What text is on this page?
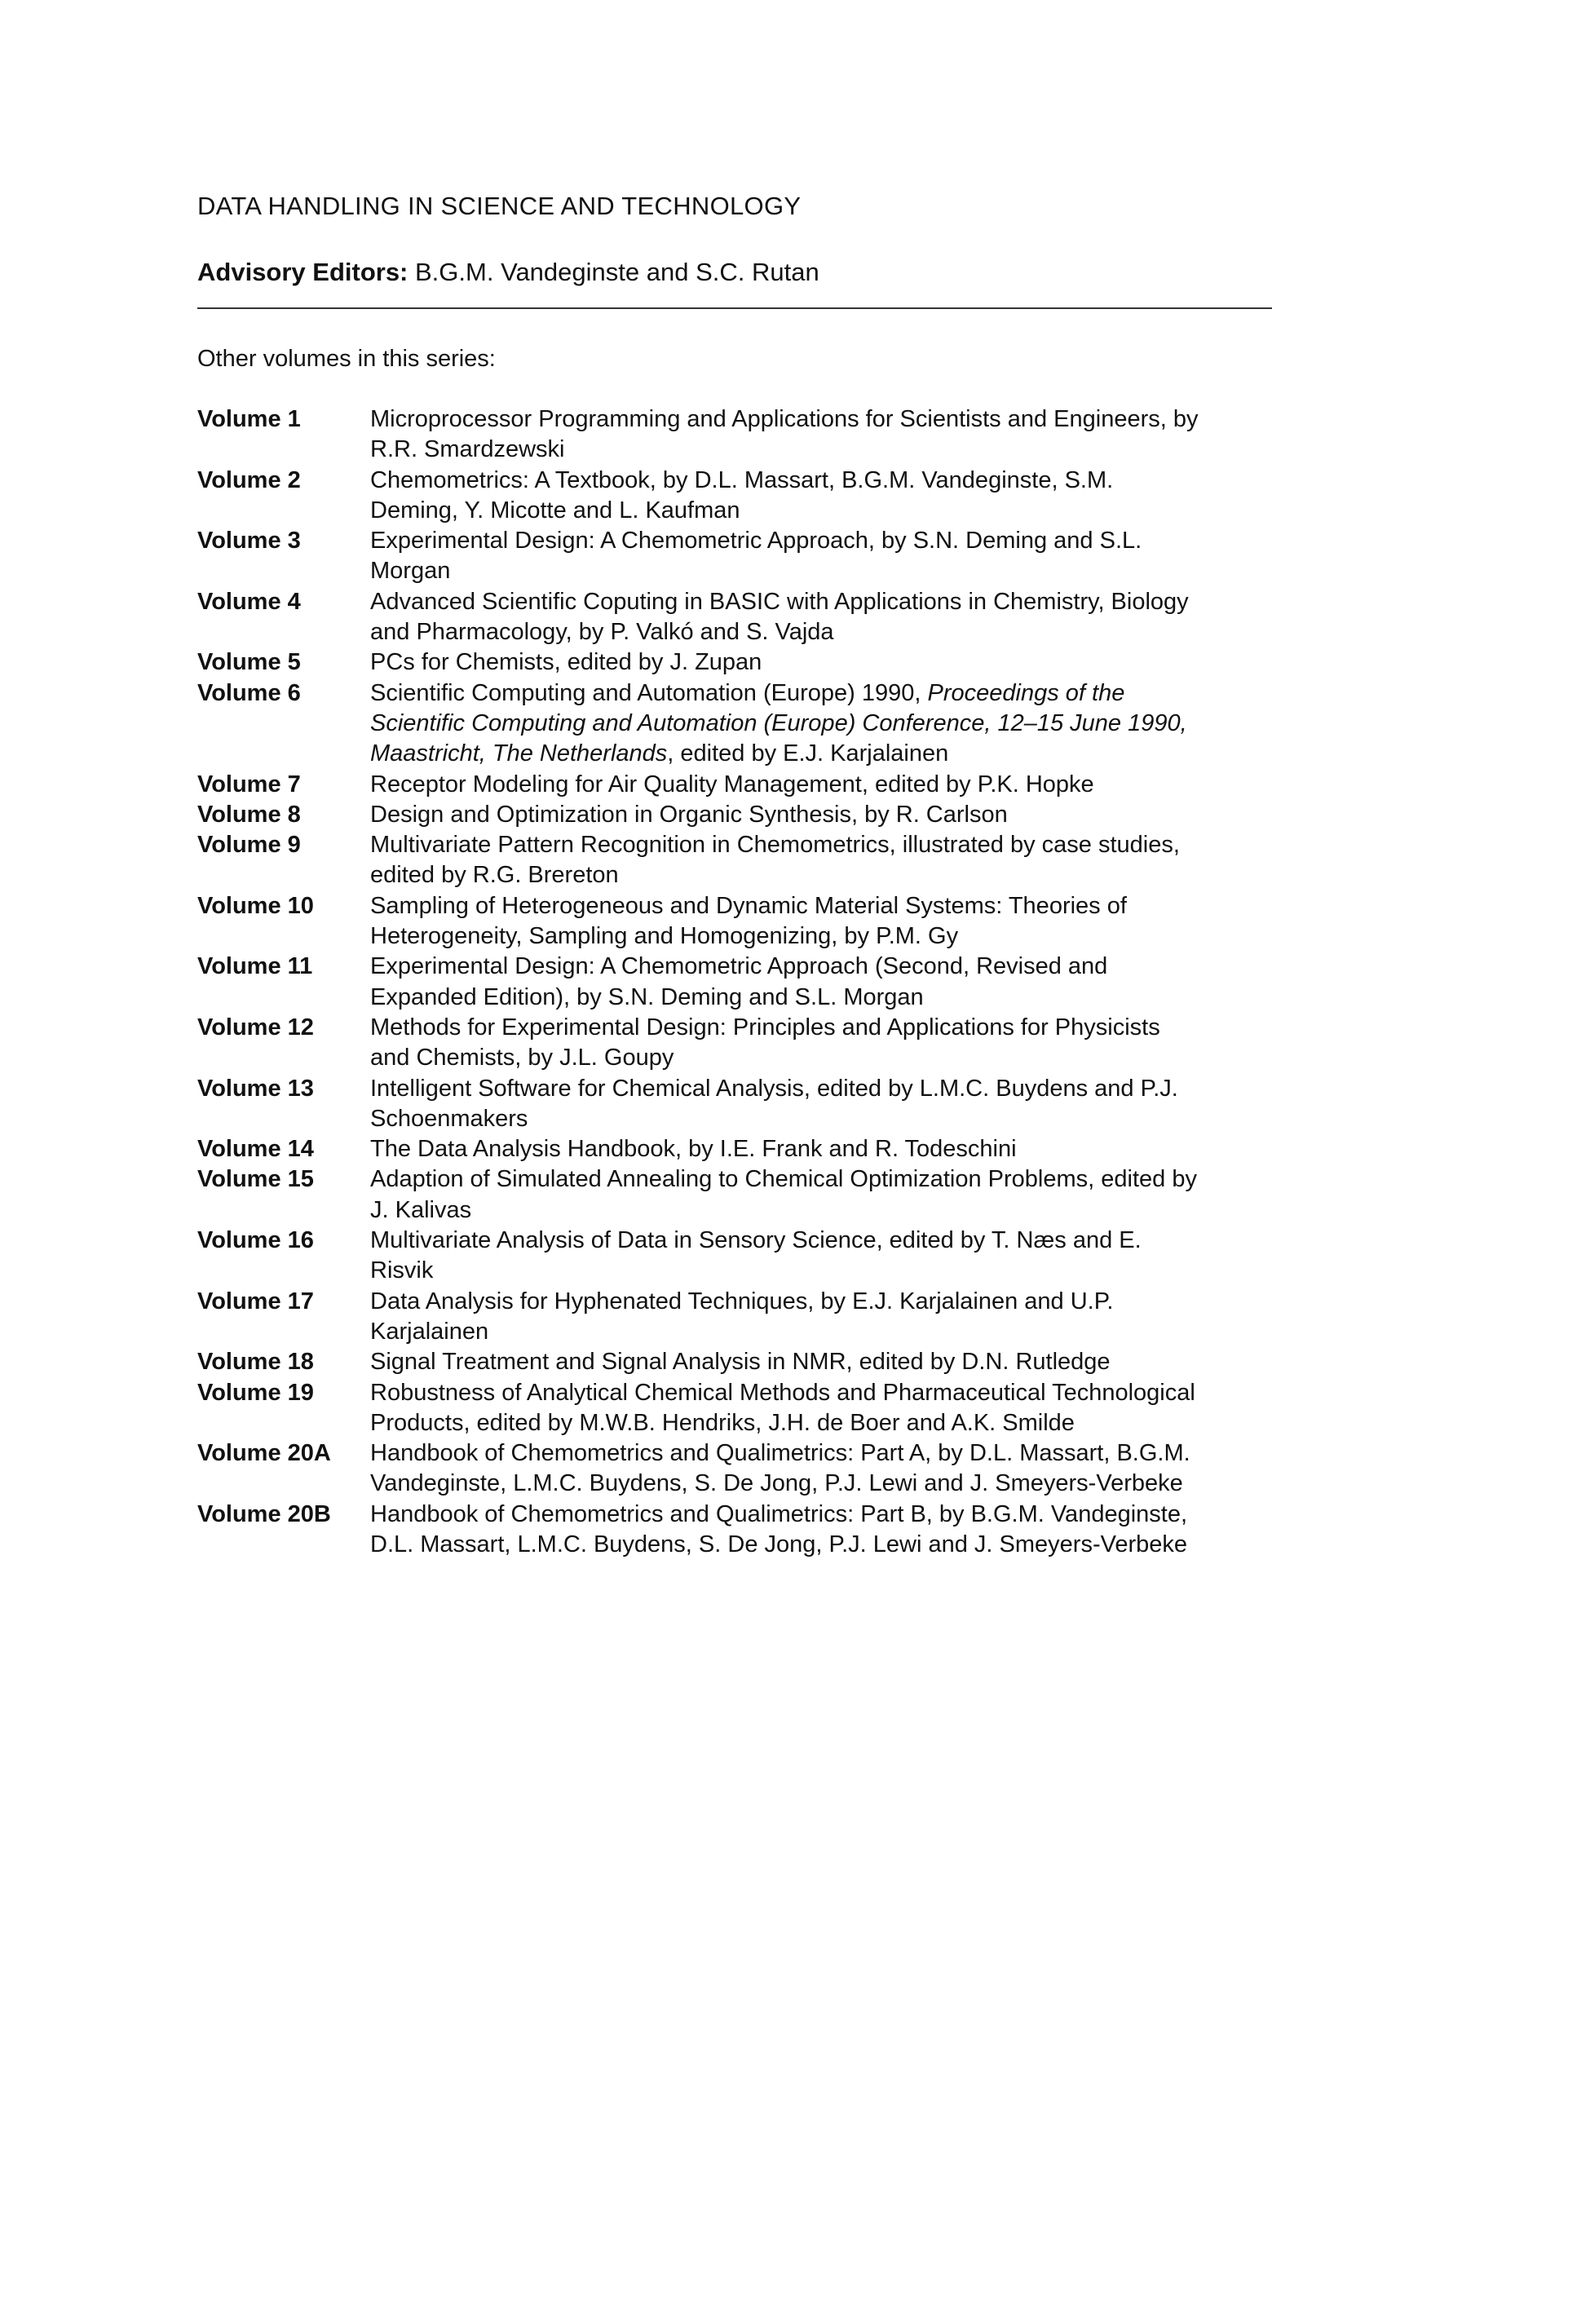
DATA HANDLING IN SCIENCE AND TECHNOLOGY
Advisory Editors: B.G.M. Vandeginste and S.C. Rutan
Other volumes in this series:
Volume 1	Microprocessor Programming and Applications for Scientists and Engineers, by
R.R. Smardzewski
Volume 2	Chemometrics: A Textbook, by D.L. Massart, B.G.M. Vandeginste, S.M.
Deming, Y. Micotte and L. Kaufman
Volume 3	Experimental Design: A Chemometric Approach, by S.N. Deming and S.L.
Morgan
Volume 4	Advanced Scientific Coputing in BASIC with Applications in Chemistry, Biology
and Pharmacology, by P. Valkó and S. Vajda
Volume 5	PCs for Chemists, edited by J. Zupan
Volume 6	Scientific Computing and Automation (Europe) 1990, Proceedings of the
Scientific Computing and Automation (Europe) Conference, 12–15 June 1990,
Maastricht, The Netherlands, edited by E.J. Karjalainen
Volume 7	Receptor Modeling for Air Quality Management, edited by P.K. Hopke
Volume 8	Design and Optimization in Organic Synthesis, by R. Carlson
Volume 9	Multivariate Pattern Recognition in Chemometrics, illustrated by case studies,
edited by R.G. Brereton
Volume 10	Sampling of Heterogeneous and Dynamic Material Systems: Theories of
Heterogeneity, Sampling and Homogenizing, by P.M. Gy
Volume 11	Experimental Design: A Chemometric Approach (Second, Revised and
Expanded Edition), by S.N. Deming and S.L. Morgan
Volume 12	Methods for Experimental Design: Principles and Applications for Physicists
and Chemists, by J.L. Goupy
Volume 13	Intelligent Software for Chemical Analysis, edited by L.M.C. Buydens and P.J.
Schoenmakers
Volume 14	The Data Analysis Handbook, by I.E. Frank and R. Todeschini
Volume 15	Adaption of Simulated Annealing to Chemical Optimization Problems, edited by
J. Kalivas
Volume 16	Multivariate Analysis of Data in Sensory Science, edited by T. Næs and E.
Risvik
Volume 17	Data Analysis for Hyphenated Techniques, by E.J. Karjalainen and U.P.
Karjalainen
Volume 18	Signal Treatment and Signal Analysis in NMR, edited by D.N. Rutledge
Volume 19	Robustness of Analytical Chemical Methods and Pharmaceutical Technological
Products, edited by M.W.B. Hendriks, J.H. de Boer and A.K. Smilde
Volume 20A	Handbook of Chemometrics and Qualimetrics: Part A, by D.L. Massart, B.G.M.
Vandeginste, L.M.C. Buydens, S. De Jong, P.J. Lewi and J. Smeyers-Verbeke
Volume 20B	Handbook of Chemometrics and Qualimetrics: Part B, by B.G.M. Vandeginste,
D.L. Massart, L.M.C. Buydens, S. De Jong, P.J. Lewi and J. Smeyers-Verbeke
